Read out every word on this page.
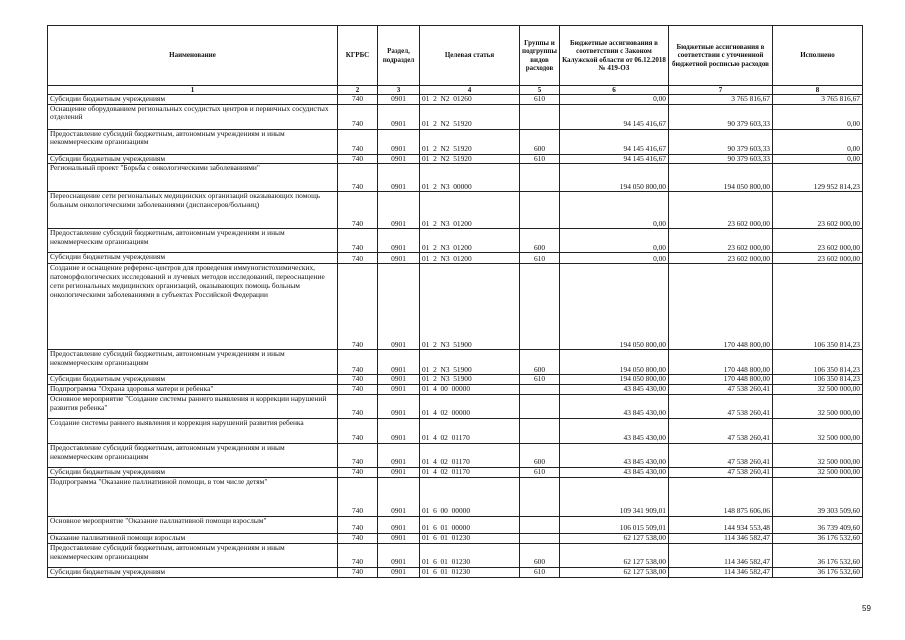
Наименование	КГРБС	Раздел, подраздел	Целевая статья	Группы и подгруппы видов расходов	Бюджетные ассигнования в соответствии с Законом Калужской области от 06.12.2018 № 419-ОЗ	Бюджетные ассигнования в соответствии с уточненной бюджетной росписью расходов	Исполнено
1	2	3	4	5	6	7	8
Субсидии бюджетным учреждениям	740	0901	01  2  N2  01260	610	0,00	3 765 816,67	3 765 816,67
Оснащение оборудованием региональных сосудистых центров и первичных сосудистых отделений	740	0901	01  2  N2  51920		94 145 416,67	90 379 603,33	0,00
Предоставление субсидий бюджетным, автономным учреждениям и иным некоммерческим организациям	740	0901	01  2  N2  51920	600	94 145 416,67	90 379 603,33	0,00
Субсидии бюджетным учреждениям	740	0901	01  2  N2  51920	610	94 145 416,67	90 379 603,33	0,00
Региональный проект "Борьба с онкологическими заболеваниями"	740	0901	01  2  N3  00000		194 050 800,00	194 050 800,00	129 952 814,23
Переоснащение сети региональных медицинских организаций оказывающих помощь больным онкологическими заболеваниями (диспансеров/больниц)	740	0901	01  2  N3  01200		0,00	23 602 000,00	23 602 000,00
Предоставление субсидий бюджетным, автономным учреждениям и иным некоммерческим организациям	740	0901	01  2  N3  01200	600	0,00	23 602 000,00	23 602 000,00
Субсидии бюджетным учреждениям	740	0901	01  2  N3  01200	610	0,00	23 602 000,00	23 602 000,00
Создание и оснащение референс-центров для проведения иммуногистохимических, патоморфологических исследований и лучевых методов исследований, переоснащение сети региональных медицинских организаций, оказывающих помощь больным онкологическими заболеваниями в субъектах Российской Федерации	740	0901	01  2  N3  51900		194 050 800,00	170 448 800,00	106 350 814,23
Предоставление субсидий бюджетным, автономным учреждениям и иным некоммерческим организациям	740	0901	01  2  N3  51900	600	194 050 800,00	170 448 800,00	106 350 814,23
Субсидии бюджетным учреждениям	740	0901	01  2  N3  51900	610	194 050 800,00	170 448 800,00	106 350 814,23
Подпрограмма "Охрана здоровья матери и ребенка"	740	0901	01  4  00  00000		43 845 430,00	47 538 260,41	32 500 000,00
Основное мероприятие "Создание системы раннего выявления и коррекции нарушений развития ребенка"	740	0901	01  4  02  00000		43 845 430,00	47 538 260,41	32 500 000,00
Создание системы раннего выявления и коррекция нарушений развития ребенка	740	0901	01  4  02  01170		43 845 430,00	47 538 260,41	32 500 000,00
Предоставление субсидий бюджетным, автономным учреждениям и иным некоммерческим организациям	740	0901	01  4  02  01170	600	43 845 430,00	47 538 260,41	32 500 000,00
Субсидии бюджетным учреждениям	740	0901	01  4  02  01170	610	43 845 430,00	47 538 260,41	32 500 000,00
Подпрограмма "Оказание паллиативной помощи, в том числе детям"	740	0901	01  6  00  00000		109 341 909,01	148 875 606,06	39 303 509,60
Основное мероприятие "Оказание паллиативной помощи взрослым"	740	0901	01  6  01  00000		106 015 509,01	144 934 553,48	36 739 409,60
Оказание паллиативной помощи взрослым	740	0901	01  6  01  01230		62 127 538,00	114 346 582,47	36 176 532,60
Предоставление субсидий бюджетным, автономным учреждениям и иным некоммерческим организациям	740	0901	01  6  01  01230	600	62 127 538,00	114 346 582,47	36 176 532,60
Субсидии бюджетным учреждениям	740	0901	01  6  01  01230	610	62 127 538,00	114 346 582,47	36 176 532,60
59
